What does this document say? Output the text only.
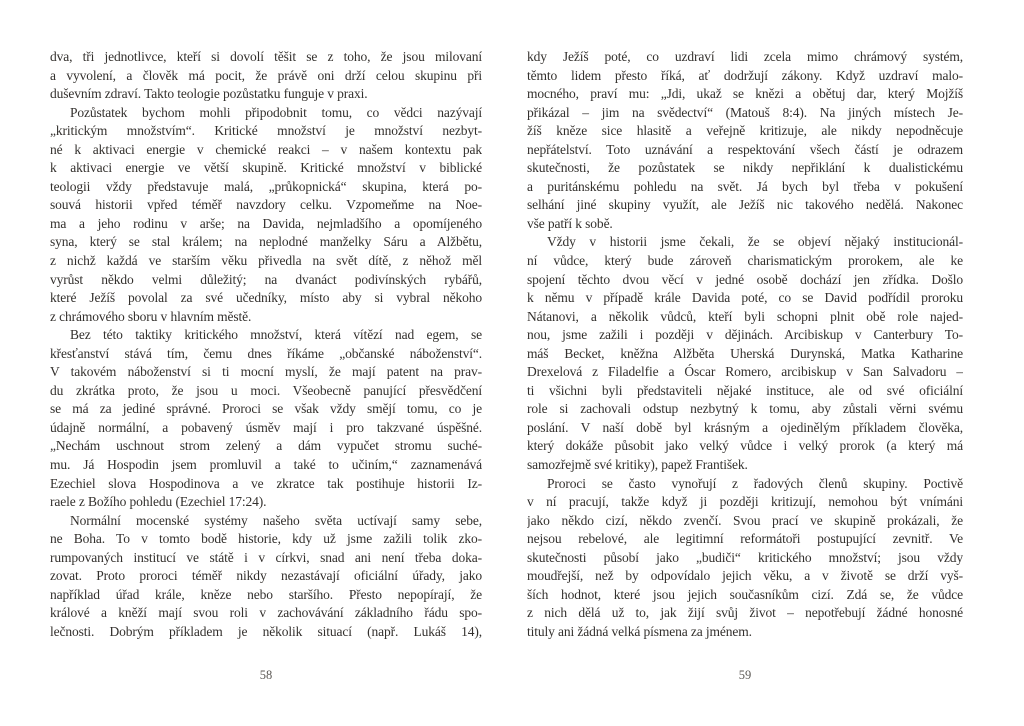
dva, tři jednotlivce, kteří si dovolí těšit se z toho, že jsou milovaní
a vyvolení, a člověk má pocit, že právě oni drží celou skupinu při
duševním zdraví. Takto teologie pozůstatku funguje v praxi.
Pozůstatek bychom mohli připodobnit tomu, co vědci nazývají
„kritickým množstvím“. Kritické množství je množství nezbyt-
né k aktivaci energie v chemické reakci – v našem kontextu pak
k aktivaci energie ve větší skupině. Kritické množství v biblické
teologii vždy představuje malá, „průkopnická“ skupina, která po-
souvá historii vpřed téměř navzdory celku. Vzpomeňme na Noe-
ma a jeho rodinu v arše; na Davida, nejmladšího a opomíjeného
syna, který se stal králem; na neplodné manželky Sáru a Alžbětu,
z nichž každá ve starším věku přivedla na svět dítě, z něhož měl
vyrůst někdo velmi důležitý; na dvanáct podivínských rybářů,
které Ježíš povolal za své učedníky, místo aby si vybral někoho
z chrámového sboru v hlavním městě.
Bez této taktiky kritického množství, která vítězí nad egem, se
křesťanství stává tím, čemu dnes říkáme „občanské náboženství“.
V takovém náboženství si ti mocní myslí, že mají patent na prav-
du zkrátka proto, že jsou u moci. Všeobecně panující přesvědčení
se má za jediné správné. Proroci se však vždy smějí tomu, co je
údajně normální, a pobavený úsměv mají i pro takzvané úspěšné.
„Nechám uschnout strom zelený a dám vypučet stromu suché-
mu. Já Hospodin jsem promluvil a také to učiním,“ zaznamenává
Ezechiel slova Hospodinova a ve zkratce tak postihuje historii Iz-
raele z Božího pohledu (Ezechiel 17:24).
Normální mocenské systémy našeho světa uctívají samy sebe,
ne Boha. To v tomto bodě historie, kdy už jsme zažili tolik zko-
rumpovaných institucí ve státě i v církvi, snad ani není třeba doka-
zovat. Proto proroci téměř nikdy nezastávají oficiální úřady, jako
například úřad krále, kněze nebo staršího. Přesto nepopírají, že
králové a kněží mají svou roli v zachovávání základního řádu spo-
lečnosti. Dobrým příkladem je několik situací (např. Lukáš 14),
kdy Ježíš poté, co uzdraví lidi zcela mimo chrámový systém,
těmto lidem přesto říká, ať dodržují zákony. Když uzdraví malo-
mocného, praví mu: „Jdi, ukaž se knězi a obětuj dar, který Mojžíš
přikázal – jim na svědectví“ (Matouš 8:4). Na jiných místech Je-
žíš kněze sice hlasitě a veřejně kritizuje, ale nikdy nepodněcuje
nepřátelství. Toto uznávání a respektování všech částí je odrazem
skutečnosti, že pozůstatek se nikdy nepřiklání k dualistickému
a puritánskému pohledu na svět. Já bych byl třeba v pokušení
selhání jiné skupiny využít, ale Ježíš nic takového nedělá. Nakonec
vše patří k sobě.
Vždy v historii jsme čekali, že se objeví nějaký institucionál-
ní vůdce, který bude zároveň charismatickým prorokem, ale ke
spojení těchto dvou věcí v jedné osobě dochází jen zřídka. Došlo
k němu v případě krále Davida poté, co se David podřídil proroku
Nátanovi, a několik vůdců, kteří byli schopni plnit obě role najed-
nou, jsme zažili i později v dějinách. Arcibiskup v Canterbury To-
máš Becket, kněžna Alžběta Uherská Durynská, Matka Katharine
Drexelová z Filadelfie a Óscar Romero, arcibiskup v San Salvadoru –
ti všichni byli představiteli nějaké instituce, ale od své oficiální
role si zachovali odstup nezbytný k tomu, aby zůstali věrni svému
poslání. V naší době byl krásným a ojedinělým příkladem člověka,
který dokáže působit jako velký vůdce i velký prorok (a který má
samozřejmě své kritiky), papež František.
Proroci se často vynořují z řadových členů skupiny. Poctivě
v ní pracují, takže když ji později kritizují, nemohou být vnímáni
jako někdo cizí, někdo zvenčí. Svou prací ve skupině prokázali, že
nejsou rebelové, ale legitimní reformátoři postupující zevnitř. Ve
skutečnosti působí jako „budiči“ kritického množství; jsou vždy
moudřejší, než by odpovídalo jejich věku, a v životě se drží vyš-
ších hodnot, které jsou jejich současníkům cizí. Zdá se, že vůdce
z nich dělá už to, jak žijí svůj život – nepotřebují žádné honosné
tituly ani žádná velká písmena za jménem.
58	59
